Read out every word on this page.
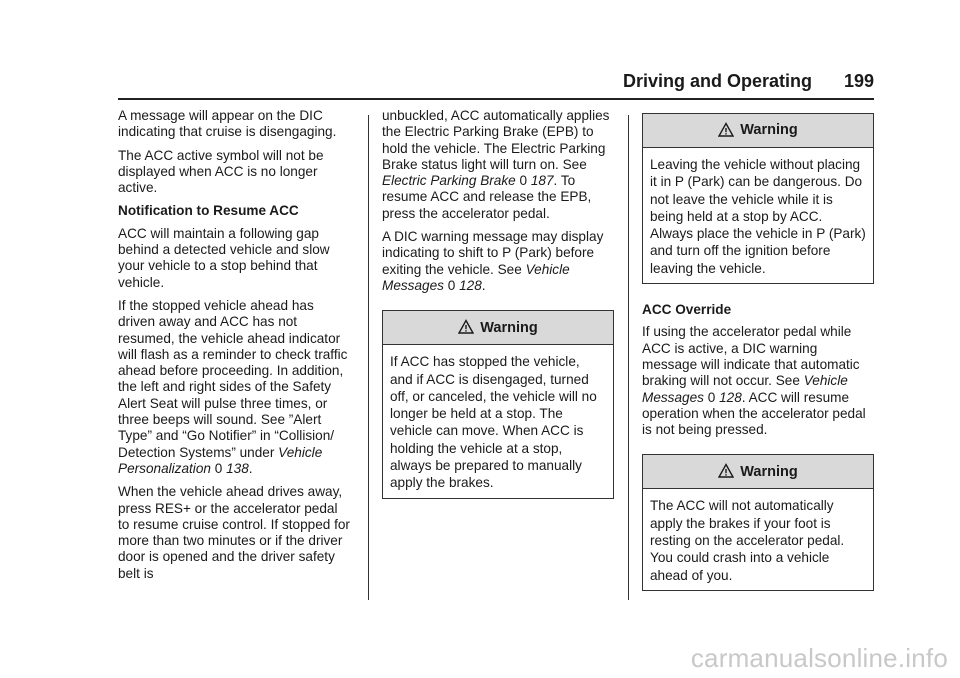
Driving and Operating 199

A message will appear on the DIC indicating that cruise is disengaging.

The ACC active symbol will not be displayed when ACC is no longer active.

Notification to Resume ACC

ACC will maintain a following gap behind a detected vehicle and slow your vehicle to a stop behind that vehicle.

If the stopped vehicle ahead has driven away and ACC has not resumed, the vehicle ahead indicator will flash as a reminder to check traffic ahead before proceeding. In addition, the left and right sides of the Safety Alert Seat will pulse three times, or three beeps will sound. See ”Alert Type” and “Go Notifier” in “Collision/ Detection Systems” under Vehicle Personalization 0 138.

When the vehicle ahead drives away, press RES+ or the accelerator pedal to resume cruise control. If stopped for more than two minutes or if the driver door is opened and the driver safety belt is

unbuckled, ACC automatically applies the Electric Parking Brake (EPB) to hold the vehicle. The Electric Parking Brake status light will turn on. See Electric Parking Brake 0 187. To resume ACC and release the EPB, press the accelerator pedal.

A DIC warning message may display indicating to shift to P (Park) before exiting the vehicle. See Vehicle Messages 0 128.

Warning
If ACC has stopped the vehicle, and if ACC is disengaged, turned off, or canceled, the vehicle will no longer be held at a stop. The vehicle can move. When ACC is holding the vehicle at a stop, always be prepared to manually apply the brakes.
Warning
Leaving the vehicle without placing it in P (Park) can be dangerous. Do not leave the vehicle while it is being held at a stop by ACC. Always place the vehicle in P (Park) and turn off the ignition before leaving the vehicle.

ACC Override

If using the accelerator pedal while ACC is active, a DIC warning message will indicate that automatic braking will not occur. See Vehicle Messages 0 128. ACC will resume operation when the accelerator pedal is not being pressed.

Warning
The ACC will not automatically apply the brakes if your foot is resting on the accelerator pedal. You could crash into a vehicle ahead of you.
carmanualsonline.info
